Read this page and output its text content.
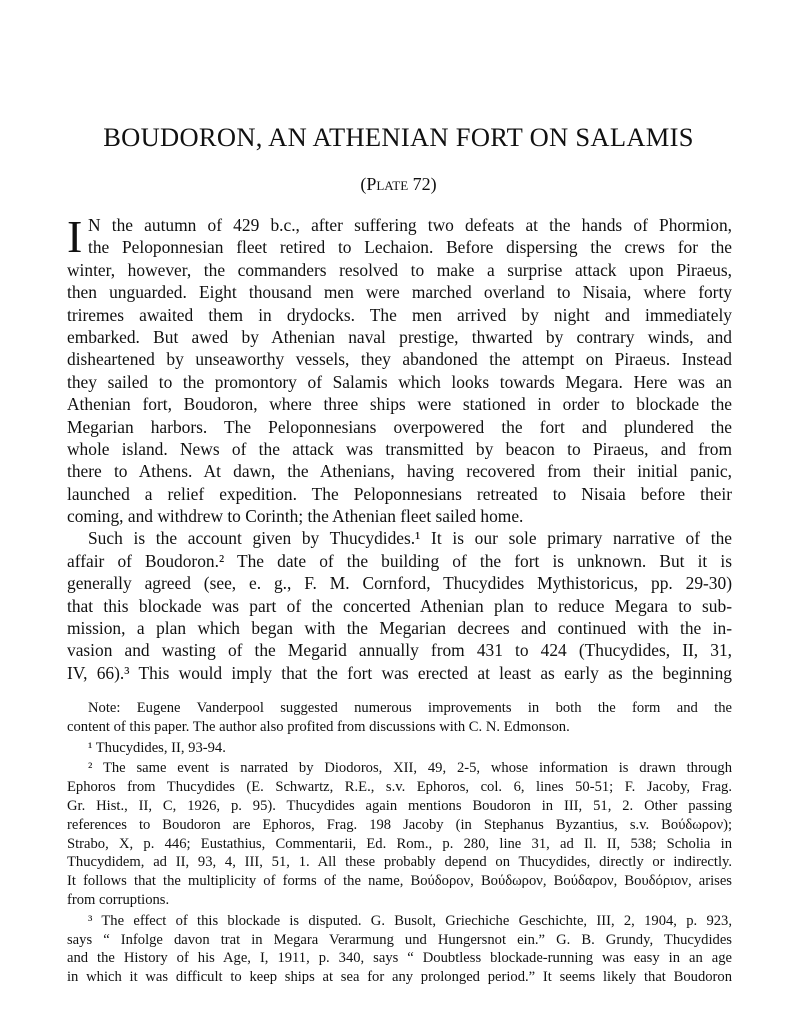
BOUDORON, AN ATHENIAN FORT ON SALAMIS
(Plate 72)
I N the autumn of 429 b.c., after suffering two defeats at the hands of Phormion,
the Peloponnesian fleet retired to Lechaion. Before dispersing the crews for the
winter, however, the commanders resolved to make a surprise attack upon Piraeus,
then unguarded. Eight thousand men were marched overland to Nisaia, where forty
triremes awaited them in drydocks. The men arrived by night and immediately
embarked. But awed by Athenian naval prestige, thwarted by contrary winds, and
disheartened by unseaworthy vessels, they abandoned the attempt on Piraeus. Instead
they sailed to the promontory of Salamis which looks towards Megara. Here was an
Athenian fort, Boudoron, where three ships were stationed in order to blockade the
Megarian harbors. The Peloponnesians overpowered the fort and plundered the
whole island. News of the attack was transmitted by beacon to Piraeus, and from
there to Athens. At dawn, the Athenians, having recovered from their initial panic,
launched a relief expedition. The Peloponnesians retreated to Nisaia before their
coming, and withdrew to Corinth; the Athenian fleet sailed home.
Such is the account given by Thucydides.¹ It is our sole primary narrative of the
affair of Boudoron.² The date of the building of the fort is unknown. But it is
generally agreed (see, e. g., F. M. Cornford, Thucydides Mythistoricus, pp. 29-30)
that this blockade was part of the concerted Athenian plan to reduce Megara to sub-
mission, a plan which began with the Megarian decrees and continued with the in-
vasion and wasting of the Megarid annually from 431 to 424 (Thucydides, II, 31,
IV, 66).³ This would imply that the fort was erected at least as early as the beginning
Note: Eugene Vanderpool suggested numerous improvements in both the form and the
content of this paper. The author also profited from discussions with C. N. Edmonson.
¹ Thucydides, II, 93-94.
² The same event is narrated by Diodoros, XII, 49, 2-5, whose information is drawn through
Ephoros from Thucydides (E. Schwartz, R.E., s.v. Ephoros, col. 6, lines 50-51; F. Jacoby, Frag.
Gr. Hist., II, C, 1926, p. 95). Thucydides again mentions Boudoron in III, 51, 2. Other passing
references to Boudoron are Ephoros, Frag. 198 Jacoby (in Stephanus Byzantius, s.v. Βούδωρον);
Strabo, X, p. 446; Eustathius, Commentarii, Ed. Rom., p. 280, line 31, ad Il. II, 538; Scholia in
Thucydidem, ad II, 93, 4, III, 51, 1. All these probably depend on Thucydides, directly or indirectly.
It follows that the multiplicity of forms of the name, Βούδορον, Βούδωρον, Βούδαρον, Βουδόριον, arises
from corruptions.
³ The effect of this blockade is disputed. G. Busolt, Griechiche Geschichte, III, 2, 1904, p. 923,
says “ Infolge davon trat in Megara Verarmung und Hungersnot ein.” G. B. Grundy, Thucydides
and the History of his Age, I, 1911, p. 340, says “ Doubtless blockade-running was easy in an age
in which it was difficult to keep ships at sea for any prolonged period.” It seems likely that Boudoron
